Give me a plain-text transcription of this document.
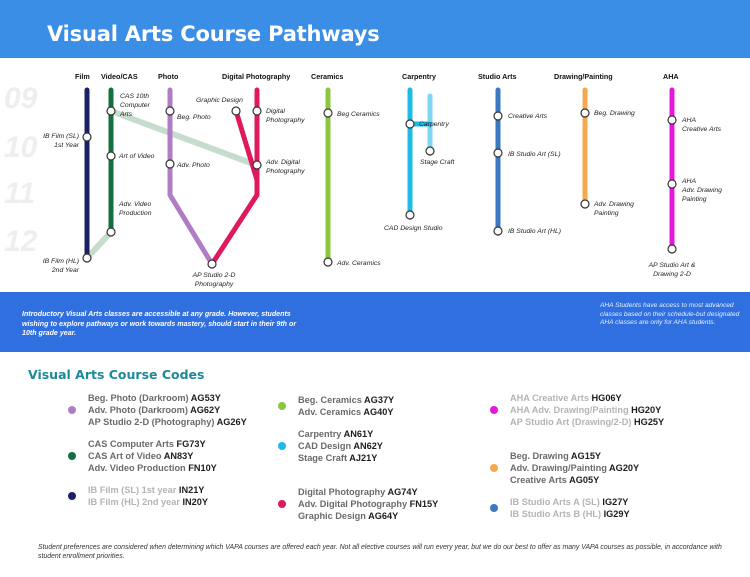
Visual Arts Course Pathways
09
10
11
12
Film Video/CAS	Photo	Digital Photography	Ceramics	Carpentry	Studio Arts	Drawing/Painting	AHA
IB Film (SL) 1st Year
IB Film (HL) 2nd Year
CAS 10th Computer Arts
Art of Video
Adv. Video Production
Beg. Photo
Adv. Photo
Graphic Design
Digital Photography
Adv. Digital Photography
AP Studio 2-D Photography
Beg Ceramics
Adv. Ceramics
Carpentry
Stage Craft
CAD Design Studio
Creative Arts
IB Studio Art (SL)
IB Studio Art (HL)
Beg. Drawing
Adv. Drawing Painting
AHA Creative Arts
AHA Adv. Drawing Painting
AP Studio Art & Drawing 2-D
Introductory Visual Arts classes are accessible at any grade. However, students wishing to explore pathways or work towards mastery, should start in their 9th or 10th grade year.
AHA Students have access to most advanced classes based on their schedule-but designated AHA classes are only for AHA students.
Visual Arts Course Codes
Beg. Photo (Darkroom) AG53Y
Adv. Photo (Darkroom) AG62Y
AP Studio 2-D (Photography) AG26Y
CAS Computer Arts FG73Y
CAS Art of Video AN83Y
Adv. Video Production FN10Y
IB Film (SL) 1st year IN21Y
IB Film (HL) 2nd year IN20Y
Beg. Ceramics AG37Y
Adv. Ceramics AG40Y
Carpentry AN61Y
CAD Design AN62Y
Stage Craft AJ21Y
Digital Photography AG74Y
Adv. Digital Photography FN15Y
Graphic Design AG64Y
AHA Creative Arts HG06Y
AHA Adv. Drawing/Painting HG20Y
AP Studio Art (Drawing/2-D) HG25Y
Beg. Drawing AG15Y
Adv. Drawing/Painting AG20Y
Creative Arts AG05Y
IB Studio Arts A (SL) IG27Y
IB Studio Arts B (HL) IG29Y
Student preferences are considered when determining which VAPA courses are offered each year. Not all elective courses will run every year, but we do our best to offer as many VAPA courses as possible, in accordance with student enrollment priorities.
